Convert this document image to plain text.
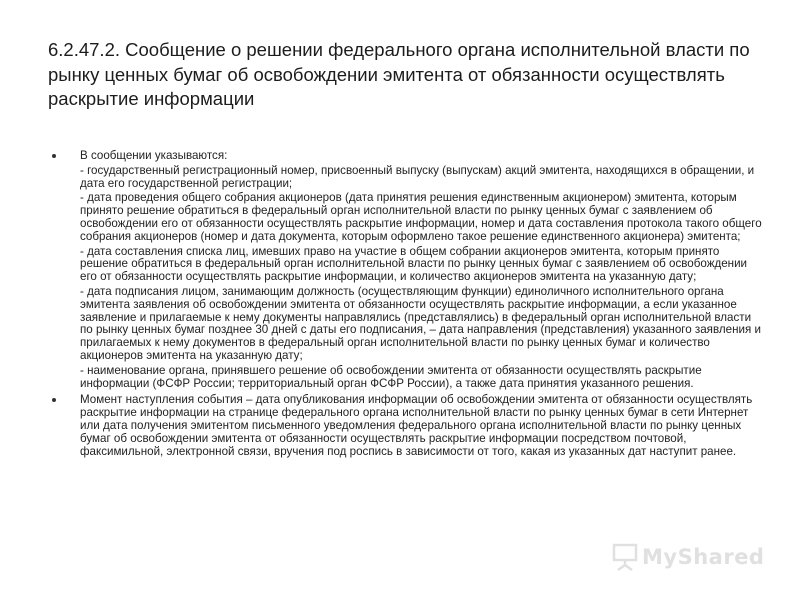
6.2.47.2. Сообщение о решении федерального органа исполнительной власти по рынку ценных бумаг об освобождении эмитента от обязанности осуществлять раскрытие информации
В сообщении указываются:
- государственный регистрационный номер, присвоенный выпуску (выпускам) акций эмитента, находящихся в обращении, и дата его государственной регистрации;
- дата проведения общего собрания акционеров (дата принятия решения единственным акционером) эмитента, которым принято решение обратиться в федеральный орган исполнительной власти по рынку ценных бумаг с заявлением об освобождении его от обязанности осуществлять раскрытие информации, номер и дата составления протокола такого общего собрания акционеров (номер и дата документа, которым оформлено такое решение единственного акционера) эмитента;
- дата составления списка лиц, имевших право на участие в общем собрании акционеров эмитента, которым принято решение обратиться в федеральный орган исполнительной власти по рынку ценных бумаг с заявлением об освобождении его от обязанности осуществлять раскрытие информации, и количество акционеров эмитента на указанную дату;
- дата подписания лицом, занимающим должность (осуществляющим функции) единоличного исполнительного органа эмитента заявления об освобождении эмитента от обязанности осуществлять раскрытие информации, а если указанное заявление и прилагаемые к нему документы направлялись (представлялись) в федеральный орган исполнительной власти по рынку ценных бумаг позднее 30 дней с даты его подписания, – дата направления (представления) указанного заявления и прилагаемых к нему документов в федеральный орган исполнительной власти по рынку ценных бумаг и количество акционеров эмитента на указанную дату;
- наименование органа, принявшего решение об освобождении эмитента от обязанности осуществлять раскрытие информации (ФСФР России; территориальный орган ФСФР России), а также дата принятия указанного решения.
Момент наступления события – дата опубликования информации об освобождении эмитента от обязанности осуществлять раскрытие информации на странице федерального органа исполнительной власти по рынку ценных бумаг в сети Интернет или дата получения эмитентом письменного уведомления федерального органа исполнительной власти по рынку ценных бумаг об освобождении эмитента от обязанности осуществлять раскрытие информации посредством почтовой, факсимильной, электронной связи, вручения под роспись в зависимости от того, какая из указанных дат наступит ранее.
MyShared
